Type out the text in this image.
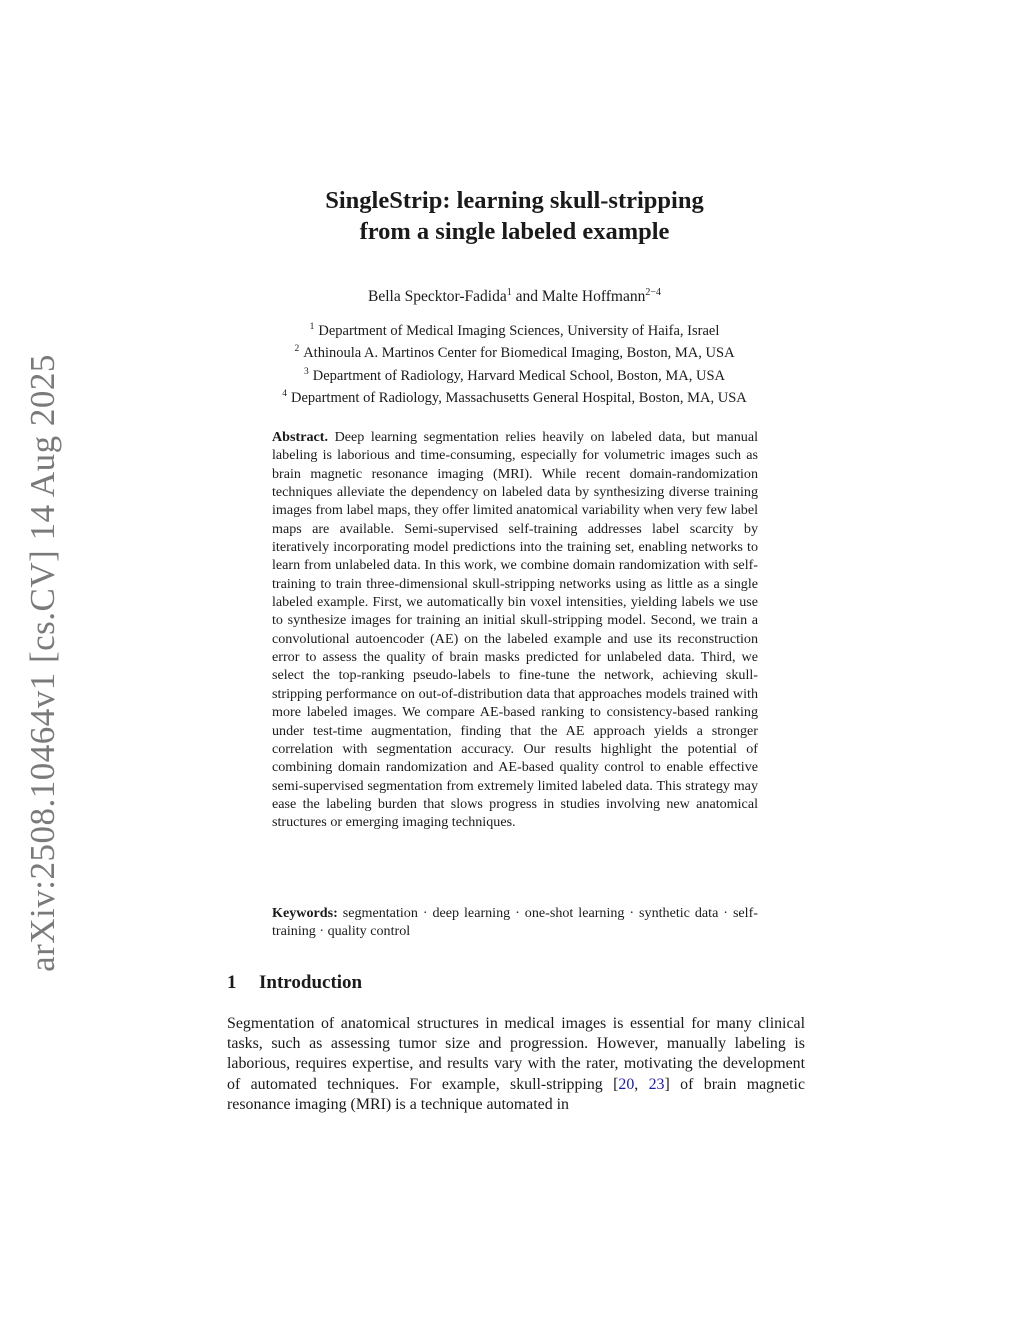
arXiv:2508.10464v1 [cs.CV] 14 Aug 2025
SingleStrip: learning skull-stripping
from a single labeled example
Bella Specktor-Fadida$^1$ and Malte Hoffmann$^{2-4}$
$^1$ Department of Medical Imaging Sciences, University of Haifa, Israel
$^2$ Athinoula A. Martinos Center for Biomedical Imaging, Boston, MA, USA
$^3$ Department of Radiology, Harvard Medical School, Boston, MA, USA
$^4$ Department of Radiology, Massachusetts General Hospital, Boston, MA, USA
Abstract. Deep learning segmentation relies heavily on labeled data, but manual labeling is laborious and time-consuming, especially for volumetric images such as brain magnetic resonance imaging (MRI). While recent domain-randomization techniques alleviate the dependency on labeled data by synthesizing diverse training images from label maps, they offer limited anatomical variability when very few label maps are available. Semi-supervised self-training addresses label scarcity by iteratively incorporating model predictions into the training set, enabling networks to learn from unlabeled data. In this work, we combine domain randomization with self-training to train three-dimensional skull-stripping networks using as little as a single labeled example. First, we automatically bin voxel intensities, yielding labels we use to synthesize images for training an initial skull-stripping model. Second, we train a convolutional autoencoder (AE) on the labeled example and use its reconstruction error to assess the quality of brain masks predicted for unlabeled data. Third, we select the top-ranking pseudo-labels to fine-tune the network, achieving skull-stripping performance on out-of-distribution data that approaches models trained with more labeled images. We compare AE-based ranking to consistency-based ranking under test-time augmentation, finding that the AE approach yields a stronger correlation with segmentation accuracy. Our results highlight the potential of combining domain randomization and AE-based quality control to enable effective semi-supervised segmentation from extremely limited labeled data. This strategy may ease the labeling burden that slows progress in studies involving new anatomical structures or emerging imaging techniques.
Keywords: segmentation · deep learning · one-shot learning · synthetic data · self-training · quality control
1 Introduction
Segmentation of anatomical structures in medical images is essential for many clinical tasks, such as assessing tumor size and progression. However, manually labeling is laborious, requires expertise, and results vary with the rater, motivating the development of automated techniques. For example, skull-stripping [20, 23] of brain magnetic resonance imaging (MRI) is a technique automated in
